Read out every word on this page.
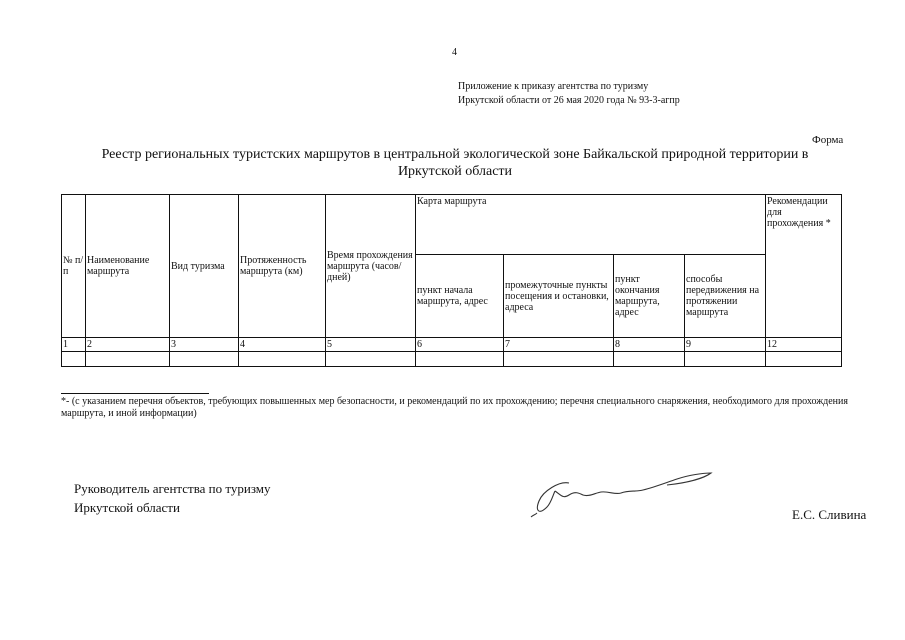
4
Приложение к приказу агентства по туризму
Иркутской области от 26 мая 2020 года № 93-3-агпр
Форма
Реестр региональных туристских маршрутов в центральной экологической зоне Байкальской природной территории в
Иркутской области
№ п/п	Наименование маршрута	Вид туризма	Протяженность маршрута (км)	Время прохождения маршрута (часов/дней)	Карта маршрута				Рекомендации для прохождения *
					пункт начала маршрута, адрес	промежуточные пункты посещения и остановки, адреса	пункт окончания маршрута, адрес	способы передвижения на протяжении маршрута	
1	2	3	4	5	6	7	8	9	12

*- (с указанием перечня объектов, требующих повышенных мер безопасности, и рекомендаций по их прохождению; перечня специального снаряжения, необходимого для прохождения маршрута, и иной информации)
Руководитель агентства по туризму
Иркутской области	Е.С. Сливина
